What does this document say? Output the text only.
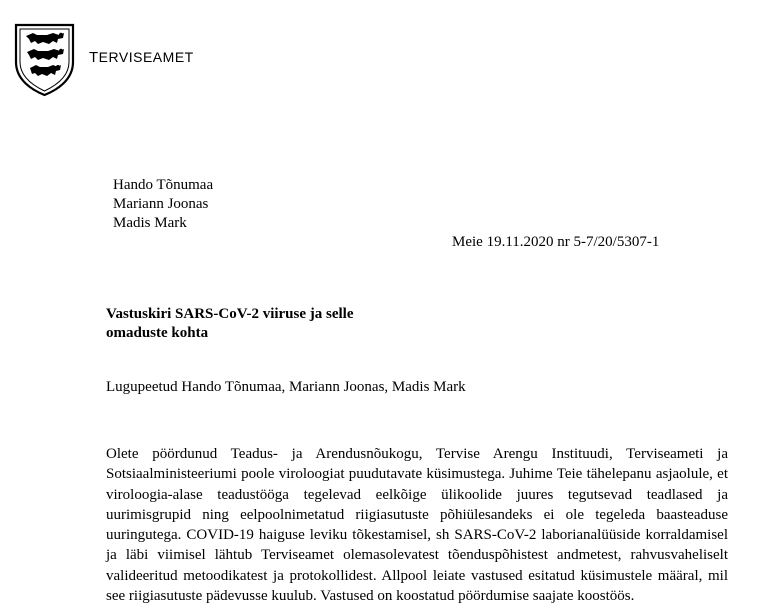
TERVISEAMET
Hando Tõnumaa
Mariann Joonas
Madis Mark
Meie 19.11.2020 nr 5-7/20/5307-1
Vastuskiri SARS-CoV-2 viiruse ja selle omaduste kohta
Lugupeetud Hando Tõnumaa, Mariann Joonas, Madis Mark
Olete pöördunud Teadus- ja Arendusnõukogu, Tervise Arengu Instituudi, Terviseameti ja Sotsiaalministeeriumi poole viroloogiat puudutavate küsimustega. Juhime Teie tähelepanu asjaolule, et viroloogia-alase teadustööga tegelevad eelkõige ülikoolide juures tegutsevad teadlased ja uurimisgrupid ning eelpoolnimetatud riigiasutuste põhiülesandeks ei ole tegeleda baasteaduse uuringutega. COVID-19 haiguse leviku tõkestamisel, sh SARS-CoV-2 laborianalüüside korraldamisel ja läbi viimisel lähtub Terviseamet olemasolevatest tõenduspõhistest andmetest, rahvusvaheliselt valideeritud metoodikatest ja protokollidest. Allpool leiate vastused esitatud küsimustele määral, mil see riigiasutuste pädevusse kuulub. Vastused on koostatud pöördumise saajate koostöös.
